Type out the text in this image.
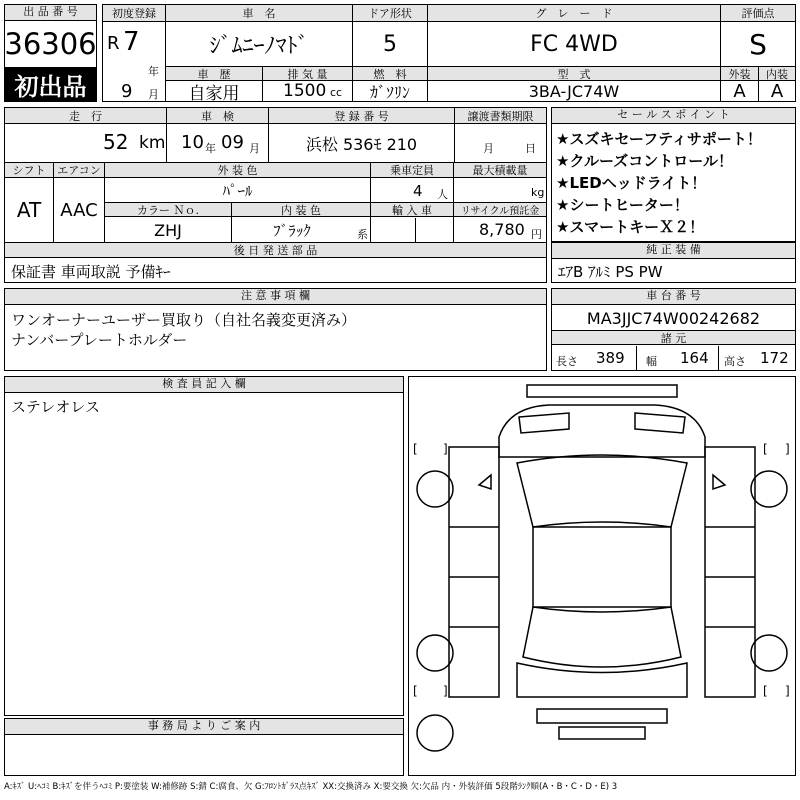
出 品 番 号
36306
初出品
初度登録	車　名	ドア形状	グ　レ　ー　ド	評価点
R 7
年
ｼﾞﾑﾆｰﾉﾏﾄﾞ	5	FC 4WD	S
車　歴	排 気 量	燃　料	型　式	外装	内装
9 月	自家用	1500 cc	ｶﾞｿﾘﾝ	3BA-JC74W	A	A
走　行	車　検	登 録 番 号	譲渡書類期限
52 km 10 年 09 月	浜松 536ﾓ 210	月	日
シフト	エアコン	外 装 色	乗車定員	最大積載量
AT	AAC
ﾊﾟｰﾙ	4 人	kg
カラー Ｎｏ.	内 装 色	輸 入 車	リサイクル預託金
ZHJ	ﾌﾞﾗｯｸ	系	8,780 円
後 日 発 送 部 品
保証書 車両取説 予備ｷｰ
セ ー ル ス ポ イ ン ト
★スズキセーフティサポート！
★クルーズコントロール！
★LEDヘッドライト！
★シートヒーター！
★スマートキーＸ２！
純 正 装 備
ｴｱB ｱﾙﾐ PS PW
注 意 事 項 欄
ワンオーナーユーザー買取り（自社名義変更済み）
ナンバープレートホルダー
車 台 番 号
MA3JJC74W00242682
諸 元
長さ 389 幅 164 高さ 172
検 査 員 記 入 欄
ステレオレス
事 務 局 よ り ご 案 内
[ ]	[ ]
[ ]	[ ]
A:ｷｽﾞ U:ﾍｺﾐ B:ｷｽﾞを伴うﾍｺﾐ P:要塗装 W:補修跡 S:錆 C:腐食、欠 G:ﾌﾛﾝﾄｶﾞﾗｽ点ｷｽﾞ XX:交換済み X:要交換 欠:欠品 内・外装評価 5段階ﾗﾝｸ順(A・B・C・D・E) 3
